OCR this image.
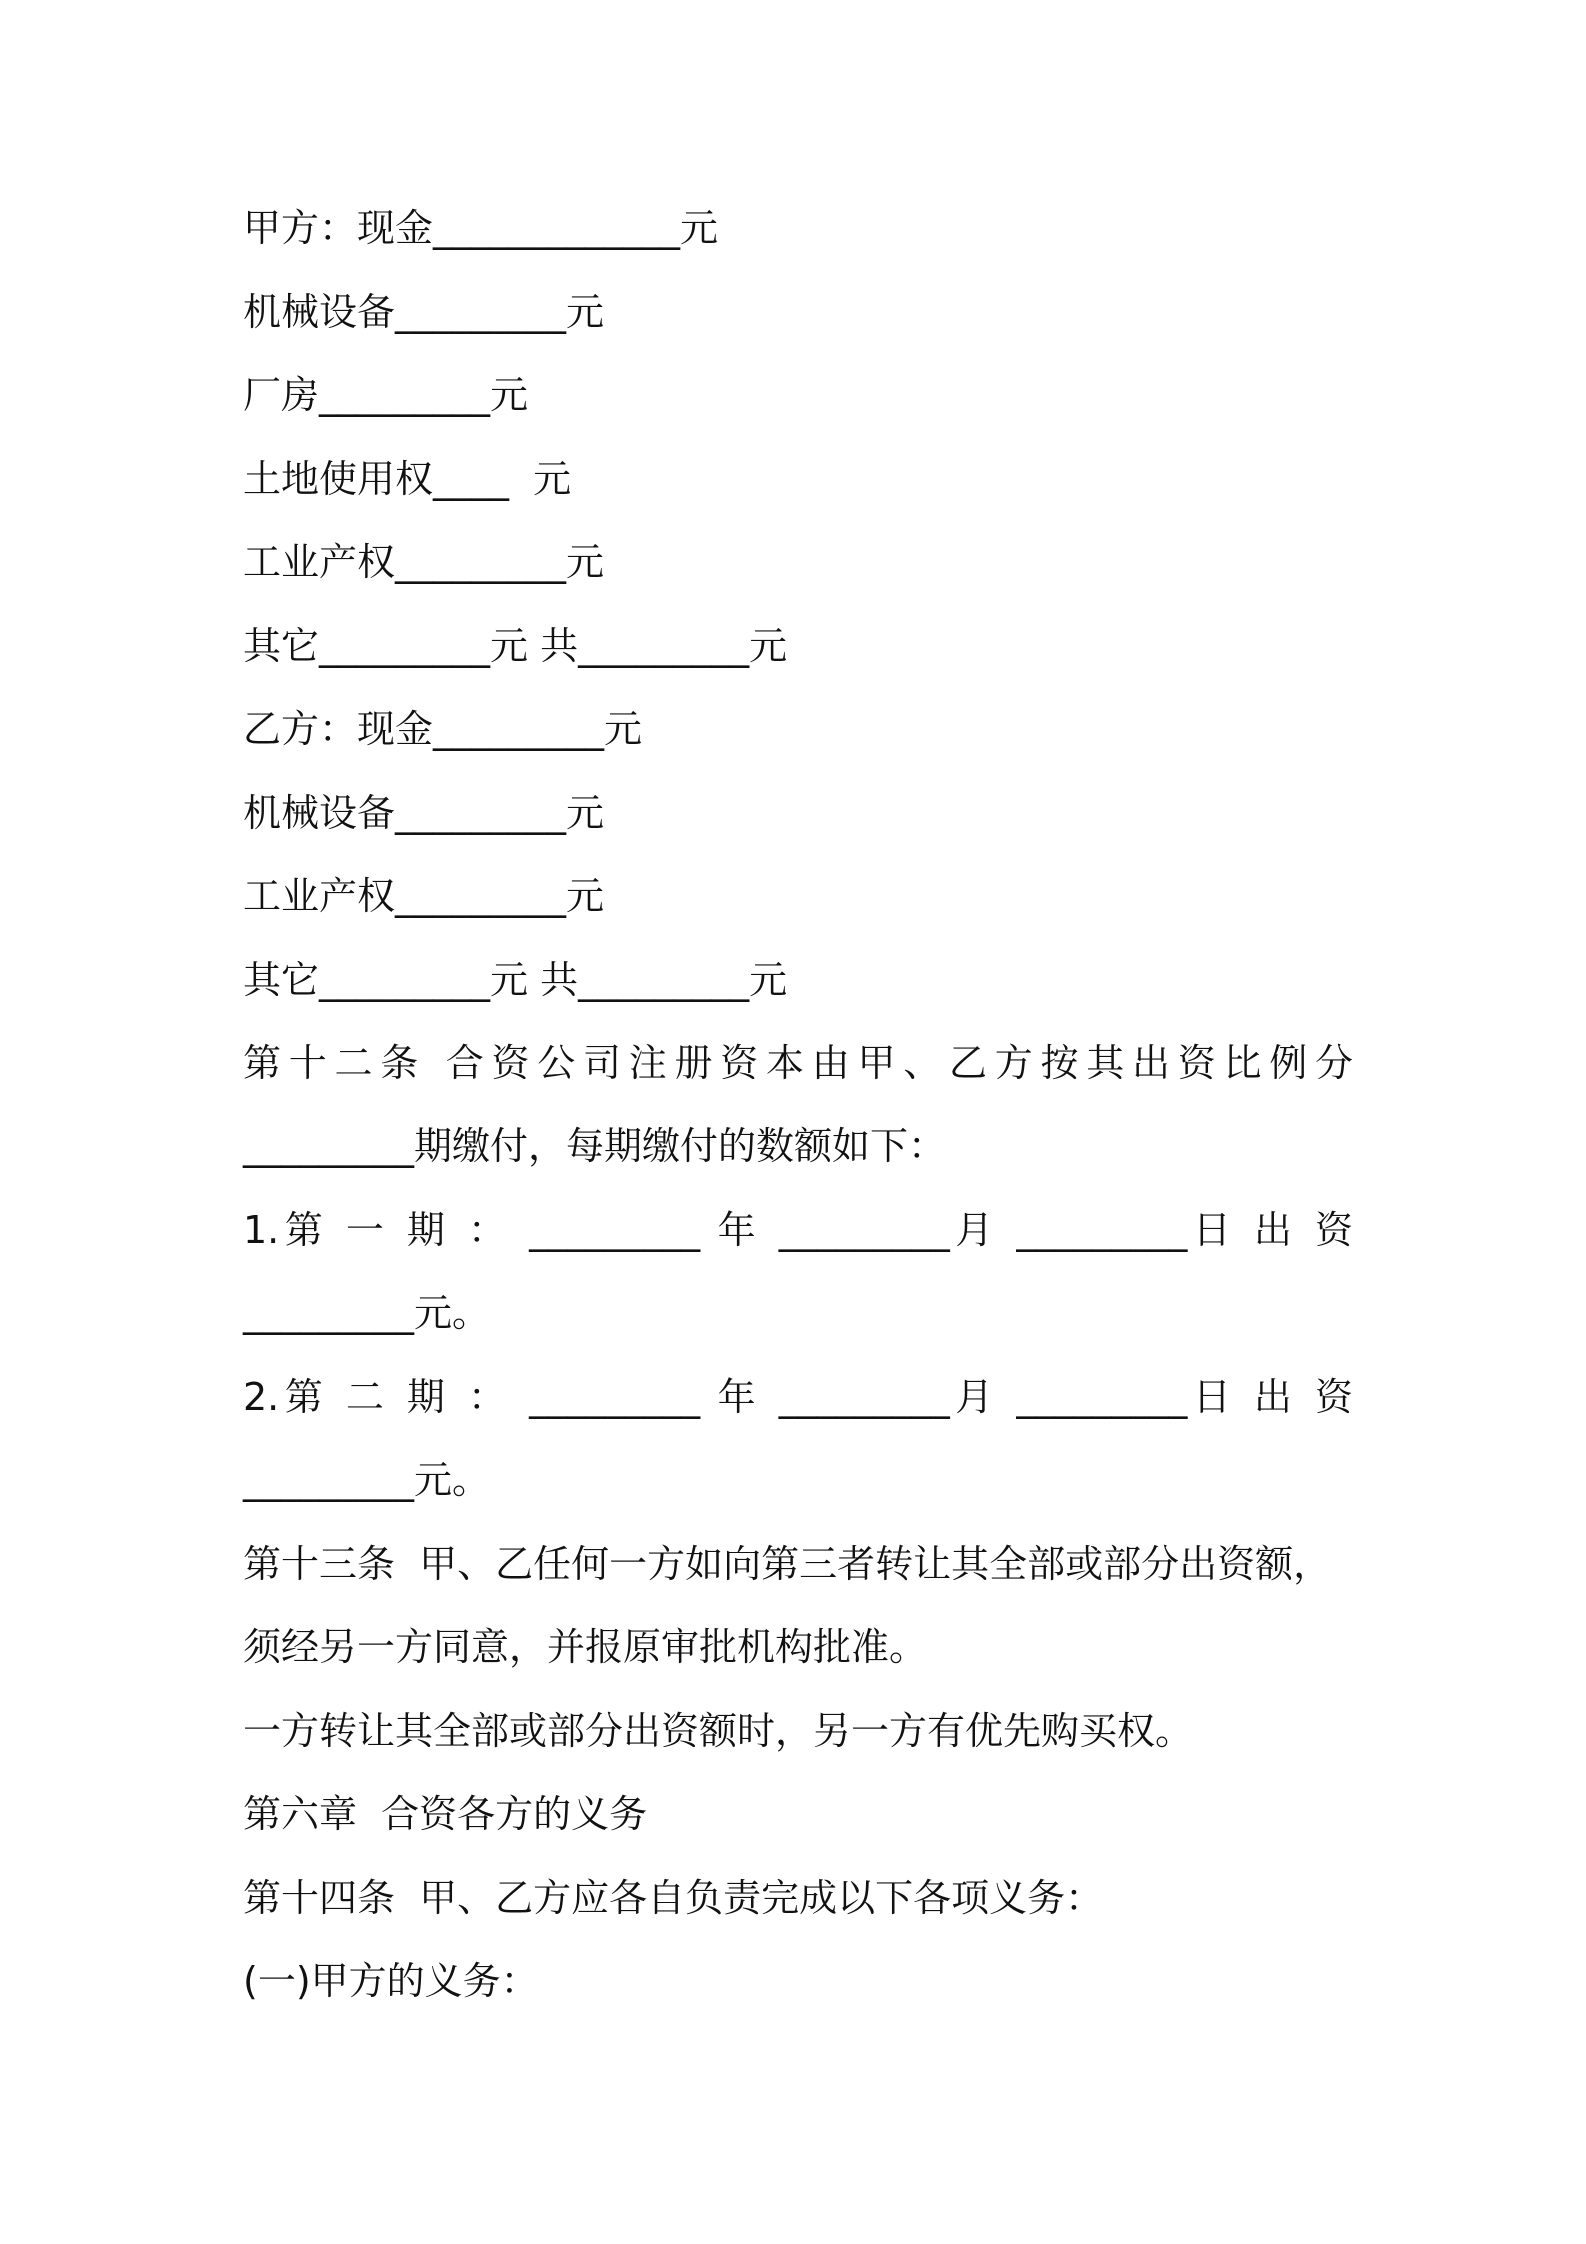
甲方：现金_____________元
机械设备_________元
厂房_________元
土地使用权____  元
工业产权_________元
其它_________元 共_________元
乙方：现金_________元
机械设备_________元
工业产权_________元
其它_________元 共_________元
第十二条 合资公司注册资本由甲、乙方按其出资比例分
_________期缴付，每期缴付的数额如下：
1.第 一 期 ： _________ 年 _________月 _________日 出 资
_________元。
2.第 二 期 ： _________ 年 _________月 _________日 出 资
_________元。
第十三条  甲、乙任何一方如向第三者转让其全部或部分出资额，
须经另一方同意，并报原审批机构批准。
一方转让其全部或部分出资额时，另一方有优先购买权。
第六章  合资各方的义务
第十四条  甲、乙方应各自负责完成以下各项义务：
(一)甲方的义务：
